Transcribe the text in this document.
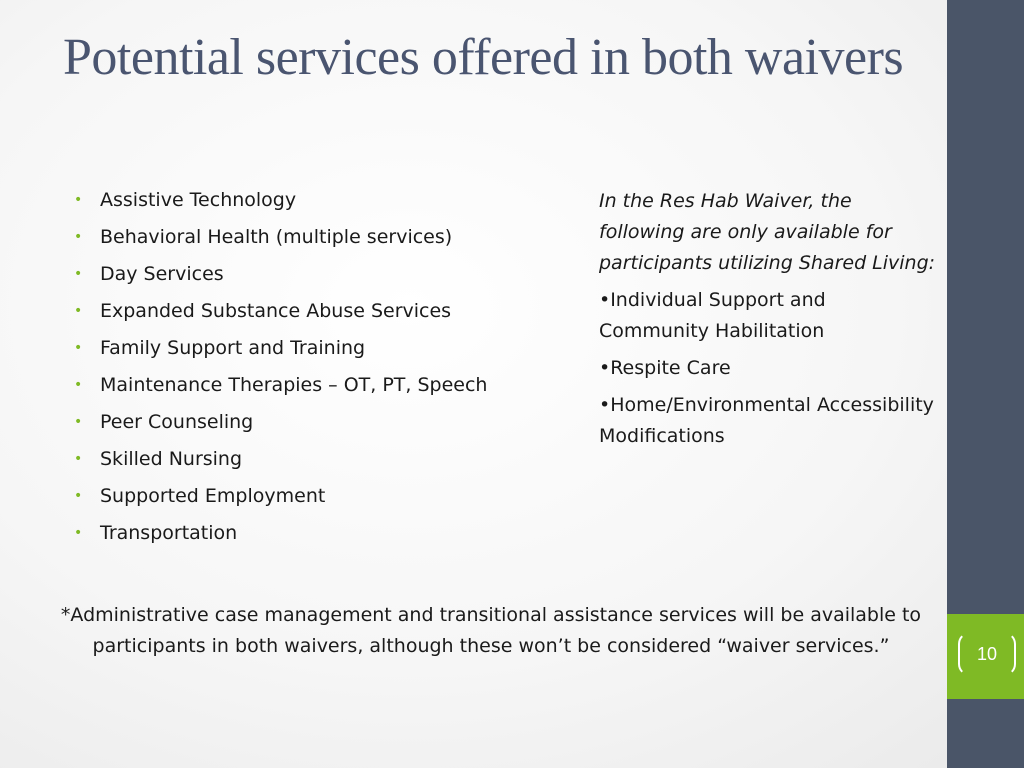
10
Potential services offered in both waivers
• Assistive Technology
• Behavioral Health (multiple services)
• Day Services
• Expanded Substance Abuse Services
• Family Support and Training
• Maintenance Therapies – OT, PT, Speech
• Peer Counseling
• Skilled Nursing
• Supported Employment
• Transportation

In the Res Hab Waiver, the following are only available for participants utilizing Shared Living:

•Individual Support and Community Habilitation

•Respite Care

•Home/Environmental Accessibility Modifications

*Administrative case management and transitional assistance services will be available to participants in both waivers, although these won’t be considered “waiver services.”
